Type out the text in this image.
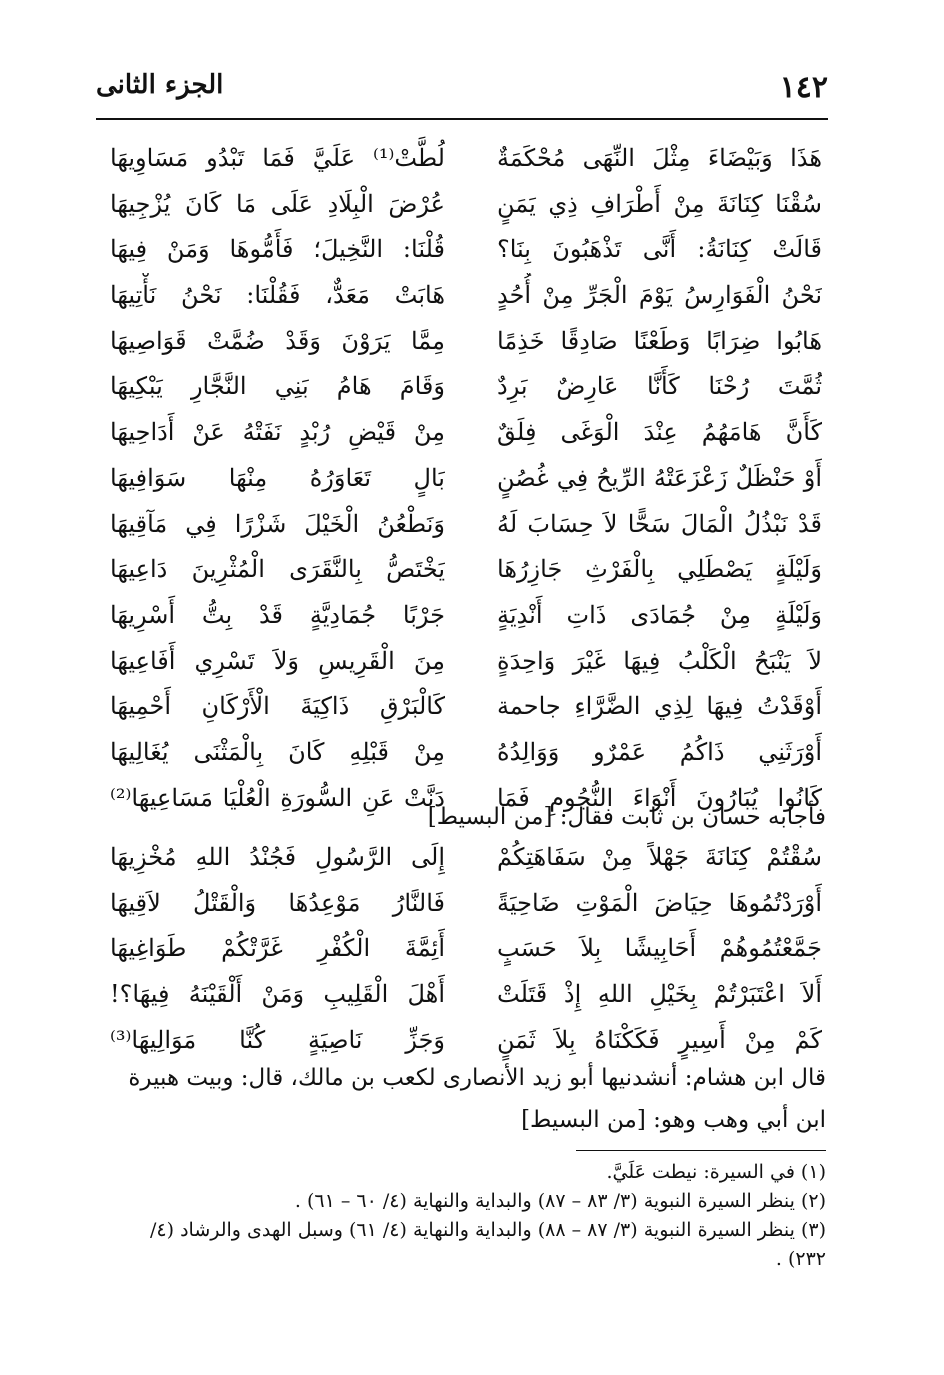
١٤٢
الجزء الثانى
هَذَا وَبَيْضَاءَ مِثْلَ النِّهَى مُحْكَمَةٌ
لُطَّتْ⁽¹⁾ عَلَيَّ فَمَا تَبْدُو مَسَاوِيهَا
سُقْنَا كِنَانَةَ مِنْ أَطْرَافِ ذِي يَمَنٍ
عُرْضَ الْبِلَادِ عَلَى مَا كَانَ يُزْجِيهَا
قَالَتْ كِنَانَةُ: أَنَّى تَذْهَبُونَ بِنَا؟
قُلْنَا: النَّخِيلَ؛ فَأَمُّوهَا وَمَنْ فِيهَا
نَحْنُ الْفَوَارِسُ يَوْمَ الْجَرِّ مِنْ أُحُدٍ
هَابَتْ مَعَدٌّ، فَقُلْنَا: نَحْنُ نَأْتِيهَا
هَابُوا ضِرَابًا وَطَعْنًا صَادِقًا خَذِمًا
مِمَّا يَرَوْنَ وَقَدْ ضُمَّتْ قَوَاصِيهَا
ثُمَّتَ رُحْنَا كَأَنَّا عَارِضٌ بَرِدٌ
وَقَامَ هَامُ بَنِي النَّجَّارِ يَبْكِيهَا
كَأَنَّ هَامَهُمُ عِنْدَ الْوَغَى فِلَقٌ
مِنْ قَيْضِ رُبْدٍ نَفَتْهُ عَنْ أَدَاحِيهَا
أَوْ حَنْظَلٌ زَعْزَعَتْهُ الرِّيحُ فِي غُصُنٍ
بَالٍ تَعَاوَرُهُ مِنْهَا سَوَافِيهَا
قَدْ نَبْذُلُ الْمَالَ سَحًّا لاَ حِسَابَ لَهُ
وَنَطْعُنُ الْخَيْلَ شَزْرًا فِي مَآقِيهَا
وَلَيْلَةٍ يَصْطَلِي بِالْفَرْثِ جَازِرُهَا
يَخْتَصُّ بِالنَّقَرَى الْمُثْرِينَ دَاعِيهَا
وَلَيْلَةٍ مِنْ جُمَادَى ذَاتِ أَنْدِيَةٍ
جَرْبًا جُمَادِيَّةٍ قَدْ بِتُّ أَسْرِيهَا
لاَ يَنْبَحُ الْكَلْبُ فِيهَا غَيْرَ وَاحِدَةٍ
مِنَ الْقَرِيسِ وَلاَ تَسْرِي أَفَاعِيهَا
أَوْقَدْتُ فِيهَا لِذِي الضَّرَّاءِ جاحمة
كَالْبَرْقِ ذَاكِيَةَ الْأَرْكَانِ أَحْمِيهَا
أَوْرَثَنِي ذَاكُمُ عَمْرٌو وَوَالِدُهُ
مِنْ قَبْلِهِ كَانَ بِالْمَثْنَى يُغَالِيهَا
كَانُوا يُبَارُونَ أَنْوَاءَ النُّجُومِ فَمَا
دَنَّتْ عَنِ السُّورَةِ الْعُلْيَا مَسَاعِيهَا⁽²⁾
فأجابه حسان بن ثابت فقال: [من البسيط]
سُقْتُمْ كِنَانَةَ جَهْلاً مِنْ سَفَاهَتِكُمْ
إِلَى الرَّسُولِ فَجُنْدُ اللهِ مُخْزِيهَا
أَوْرَدْتُمُوهَا حِيَاضَ الْمَوْتِ ضَاحِيَةً
فَالنَّارُ مَوْعِدُهَا وَالْقَتْلُ لاَقِيهَا
جَمَّعْتُمُوهُمْ أَحَابِيشًا بِلاَ حَسَبٍ
أَئِمَّةَ الْكُفْرِ غَرَّتْكُمْ طَوَاغِيهَا
أَلاَ اعْتَبَرْتُمْ بِخَيْلِ اللهِ إِذْ قَتَلَتْ
أَهْلَ الْقَلِيبِ وَمَنْ أَلْقَيْنَهُ فِيهَا؟!
كَمْ مِنْ أَسِيرٍ فَكَكْنَاهُ بِلاَ ثَمَنٍ
وَجَزِّ نَاصِيَةٍ كُنَّا مَوَالِيهَا⁽³⁾
قال ابن هشام: أنشدنيها أبو زيد الأنصارى لكعب بن مالك، قال: وبيت هبيرة
ابن أبي وهب وهو: [من البسيط]
(١) في السيرة: نيطت عَلَيَّ.
(٢) ينظر السيرة النبوية (٣/ ٨٣ – ٨٧) والبداية والنهاية (٤/ ٦٠ – ٦١) .
(٣) ينظر السيرة النبوية (٣/ ٨٧ – ٨٨) والبداية والنهاية (٤/ ٦١) وسبل الهدى والرشاد (٤/
٢٣٢) .
